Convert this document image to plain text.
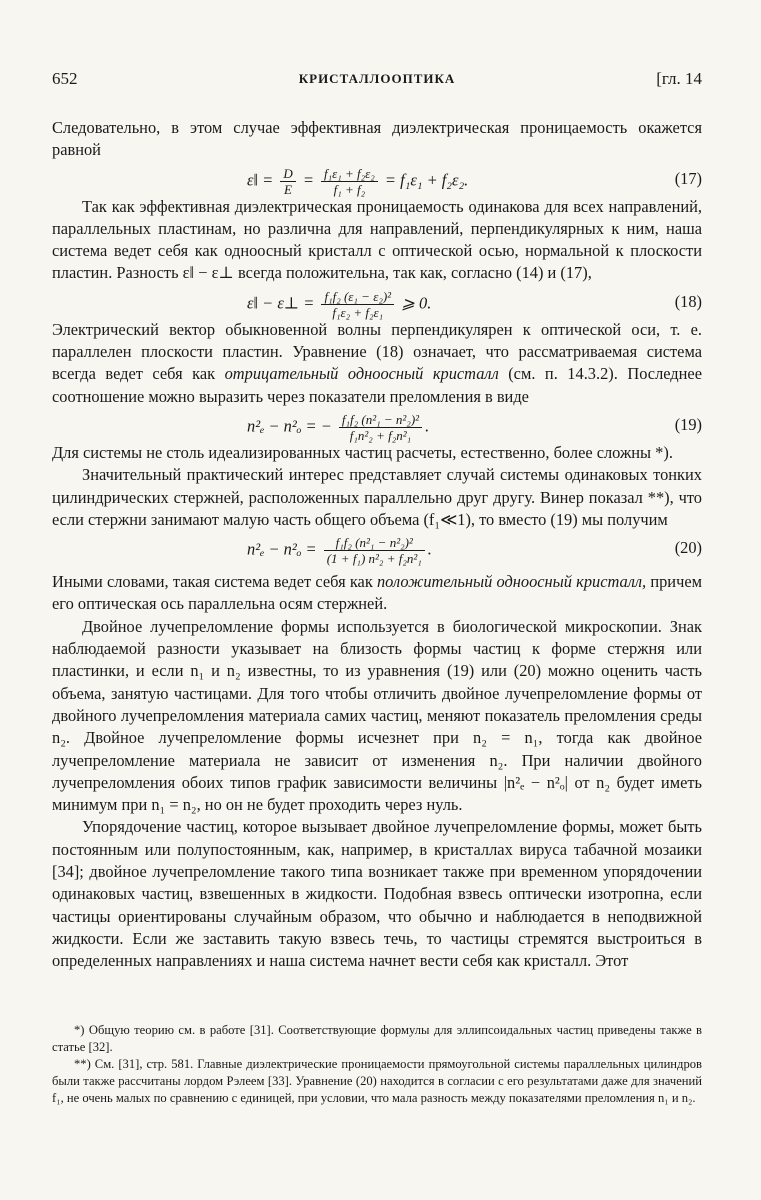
652	КРИСТАЛЛООПТИКА	[гл. 14

Следовательно, в этом случае эффективная диэлектрическая проницаемость окажется равной

ε‖ = $\frac{D}{E} = \frac{\text{f₁ε₁ + f₂ε₂}}{\text{f₁ + f₂}} = f_1\varepsilon_1 + f_2\varepsilon_2$.	(17)

Так как эффективная диэлектрическая проницаемость одинакова для всех направлений, параллельных пластинам, но различна для направлений, перпендикулярных к ним, наша система ведет себя как одноосный кристалл с оптической осью, нормальной к плоскости пластин. Разность ε‖ − ε⊥ всегда положительна, так как, согласно (14) и (17),

ε‖ − ε⊥ = $\frac{\text{f₁f₂ (ε₁ − ε₂)²}}{\text{f₁ε₂ + f₂ε₁}}$ ⩾ 0.	(18)

Электрический вектор обыкновенной волны перпендикулярен к оптической оси, т. е. параллелен плоскости пластин. Уравнение (18) означает, что рассматриваемая система всегда ведет себя как отрицательный одноосный кристалл (см. п. 14.3.2). Последнее соотношение можно выразить через показатели преломления в виде

n²ₑ − n²ₒ = − $\frac{\text{f₁f₂ (n²₁ − n²₂)²}}{\text{f₁n²₂ + f₂n²₁}}$ .	(19)

Для системы не столь идеализированных частиц расчеты, естественно, более сложны *).

Значительный практический интерес представляет случай системы одинаковых тонких цилиндрических стержней, расположенных параллельно друг другу. Винер показал **), что если стержни занимают малую часть общего объема (f₁≪1), то вместо (19) мы получим

$n^2_e - n^2_o = \frac{\text{f₁f₂ (n²₁ − n²₂)²}}{\text{(1 + f₁) n²₂ + f₂n²₁}}$ .	(20)

Иными словами, такая система ведет себя как положительный одноосный кристалл, причем его оптическая ось параллельна осям стержней.

Двойное лучепреломление формы используется в биологической микроскопии. Знак наблюдаемой разности указывает на близость формы частиц к форме стержня или пластинки, и если n₁ и n₂ известны, то из уравнения (19) или (20) можно оценить часть объема, занятую частицами. Для того чтобы отличить двойное лучепреломление формы от двойного лучепреломления материала самих частиц, меняют показатель преломления среды n₂. Двойное лучепреломление формы исчезнет при n₂ = n₁, тогда как двойное лучепреломление материала не зависит от изменения n₂. При наличии двойного лучепреломления обоих типов график зависимости величины |n²ₑ − n²ₒ| от n₂ будет иметь минимум при n₁ = n₂, но он не будет проходить через нуль.

Упорядочение частиц, которое вызывает двойное лучепреломление формы, может быть постоянным или полупостоянным, как, например, в кристаллах вируса табачной мозаики [34]; двойное лучепреломление такого типа возникает также при временном упорядочении одинаковых частиц, взвешенных в жидкости. Подобная взвесь оптически изотропна, если частицы ориентированы случайным образом, что обычно и наблюдается в неподвижной жидкости. Если же заставить такую взвесь течь, то частицы стремятся выстроиться в определенных направлениях и наша система начнет вести себя как кристалл. Этот

*) Общую теорию см. в работе [31]. Соответствующие формулы для эллипсоидальных частиц приведены также в статье [32].

**) См. [31], стр. 581. Главные диэлектрические проницаемости прямоугольной системы параллельных цилиндров были также рассчитаны лордом Рэлеем [33]. Уравнение (20) находится в согласии с его результатами даже для значений f₁, не очень малых по сравнению с единицей, при условии, что мала разность между показателями преломления n₁ и n₂.
